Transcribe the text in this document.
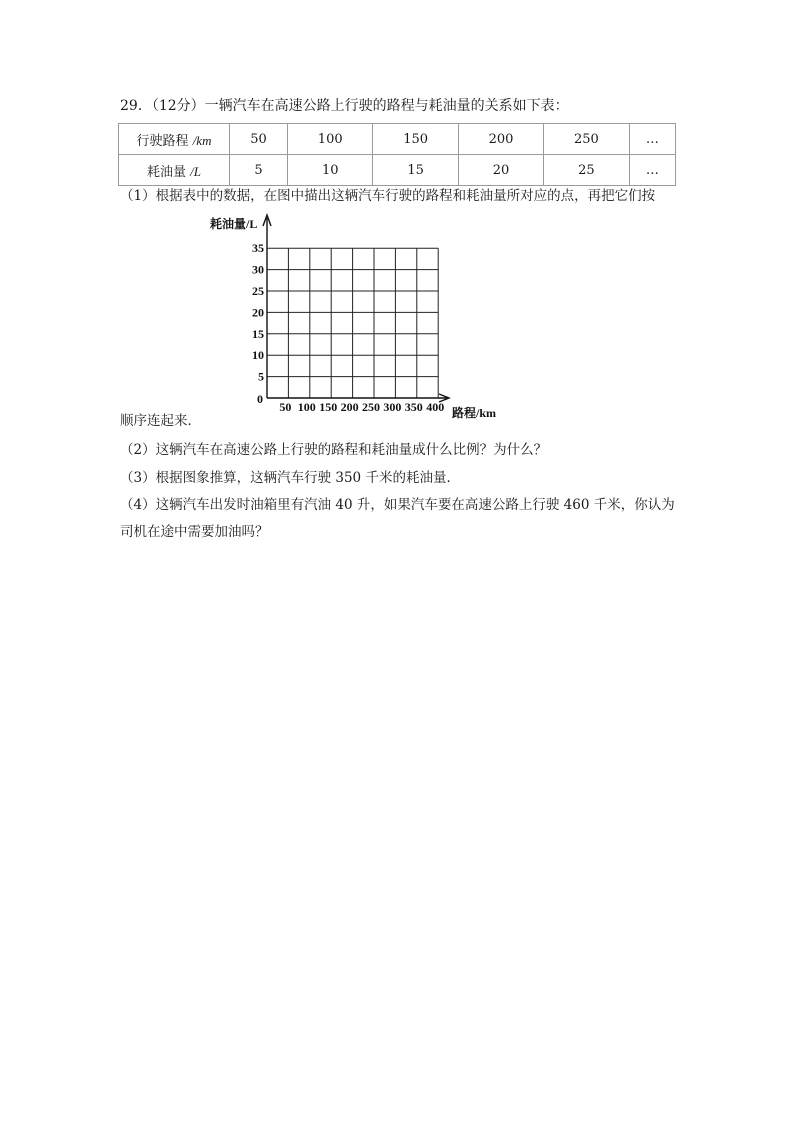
29．（12分）一辆汽车在高速公路上行驶的路程与耗油量的关系如下表：
行驶路程 /km	50	100	150	200	250	…
耗油量 /L	5	10	15	20	25	…
（1）根据表中的数据，在图中描出这辆汽车行驶的路程和耗油量所对应的点，再把它们按
5
10
15
20
25
30
35
50 100 150 200 250 300 350 400
耗油量/L
路程/km
0
顺序连起来．
（2）这辆汽车在高速公路上行驶的路程和耗油量成什么比例？为什么？
（3）根据图象推算，这辆汽车行驶 350 千米的耗油量．
（4）这辆汽车出发时油箱里有汽油 40 升，如果汽车要在高速公路上行驶 460 千米，你认为
司机在途中需要加油吗？
